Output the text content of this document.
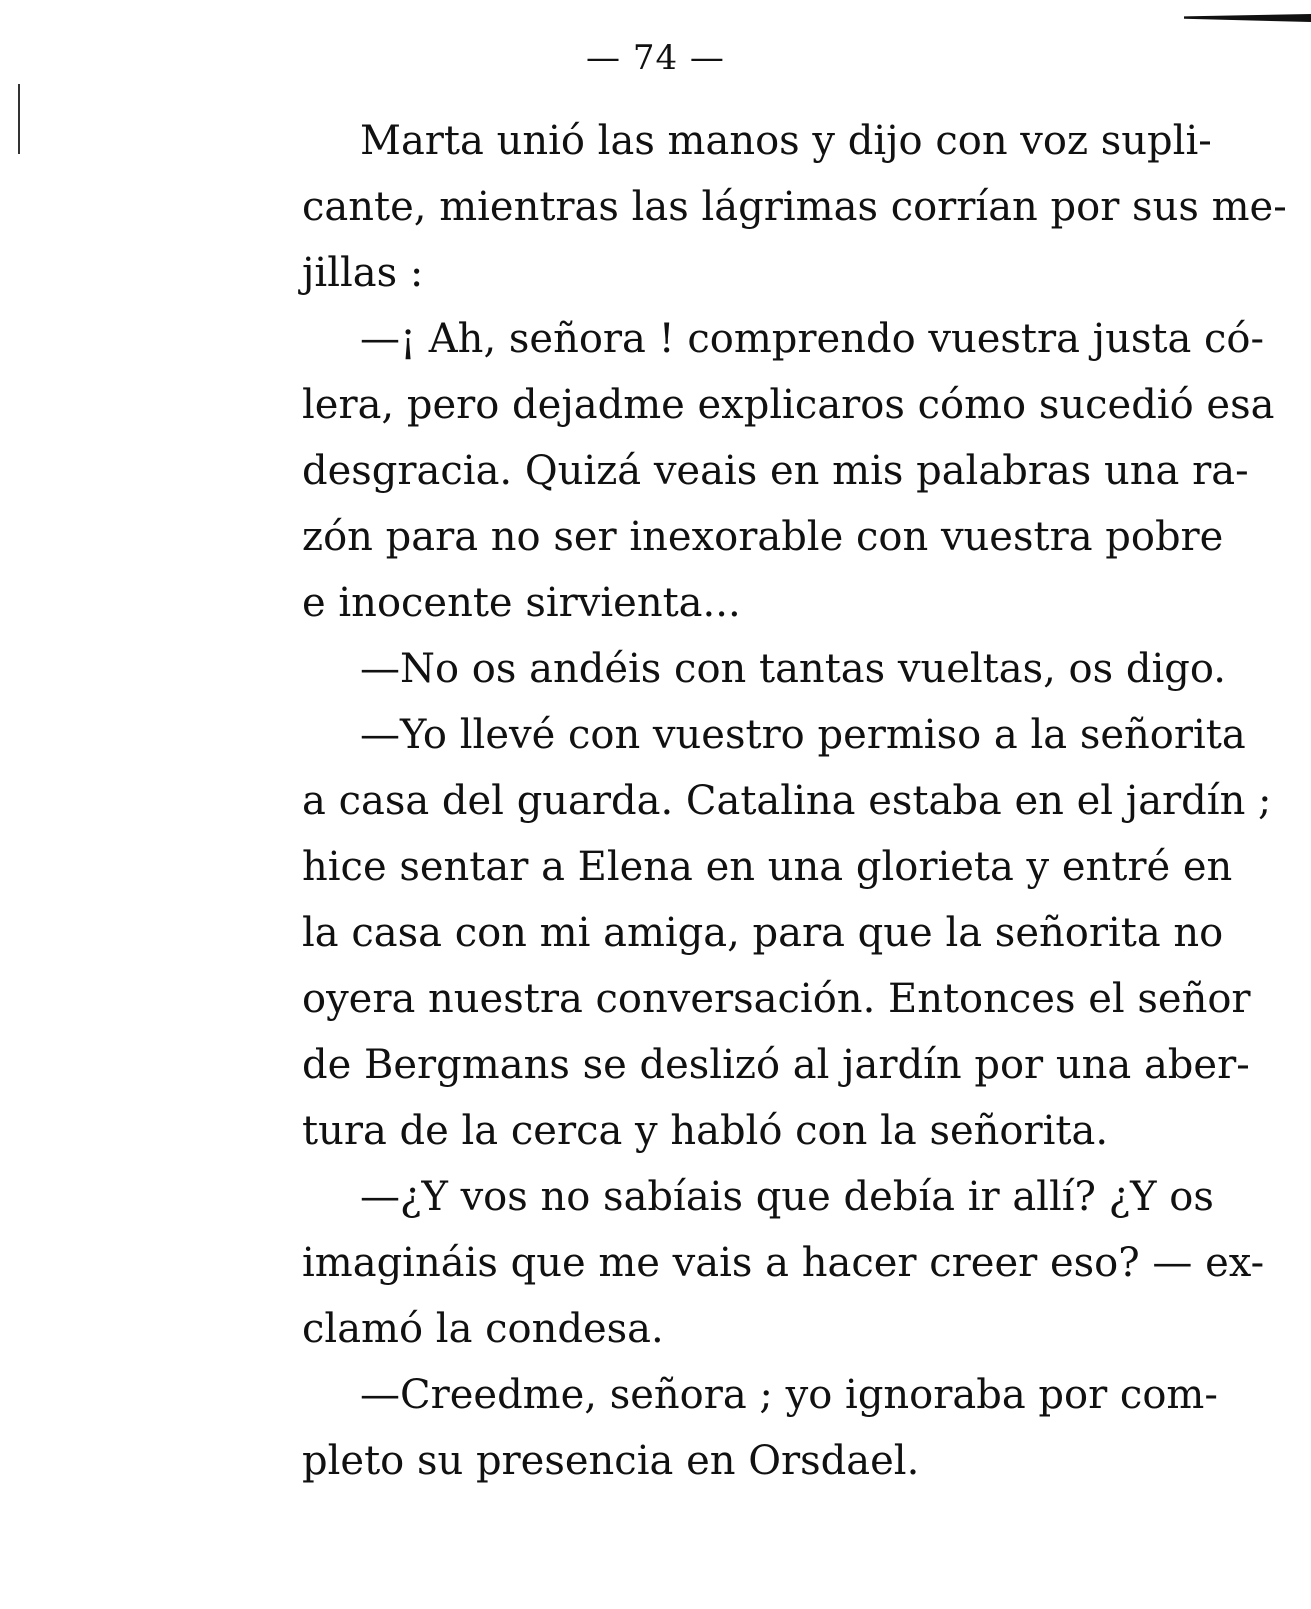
— 74 —
Marta unió las manos y dijo con voz supli-
cante, mientras las lágrimas corrían por sus me-
jillas :
—¡ Ah, señora ! comprendo vuestra justa có-
lera, pero dejadme explicaros cómo sucedió esa
desgracia. Quizá veais en mis palabras una ra-
zón para no ser inexorable con vuestra pobre
e inocente sirvienta...
—No os andéis con tantas vueltas, os digo.
—Yo llevé con vuestro permiso a la señorita
a casa del guarda. Catalina estaba en el jardín ;
hice sentar a Elena en una glorieta y entré en
la casa con mi amiga, para que la señorita no
oyera nuestra conversación. Entonces el señor
de Bergmans se deslizó al jardín por una aber-
tura de la cerca y habló con la señorita.
—¿Y vos no sabíais que debía ir allí? ¿Y os
imagináis que me vais a hacer creer eso? — ex-
clamó la condesa.
—Creedme, señora ; yo ignoraba por com-
pleto su presencia en Orsdael.
